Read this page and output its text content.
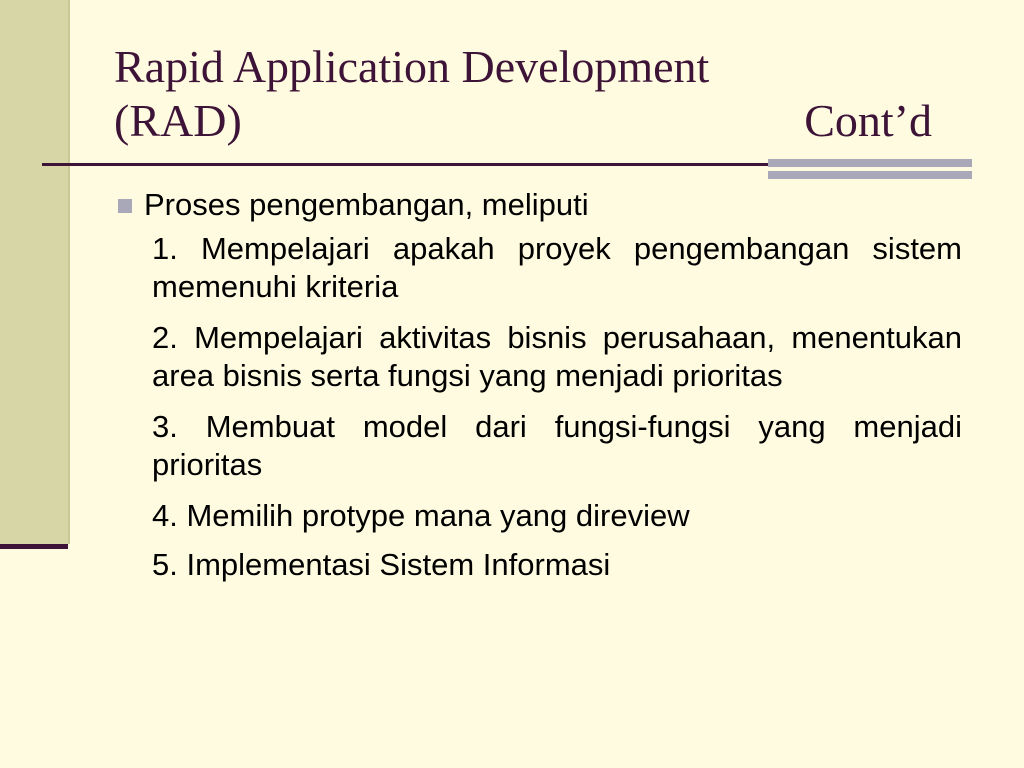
Rapid Application Development
(RAD)	Cont’d
Proses pengembangan, meliputi
1. Mempelajari apakah proyek pengembangan sistem memenuhi kriteria
2. Mempelajari aktivitas bisnis perusahaan, menentukan area bisnis serta fungsi yang menjadi prioritas
3. Membuat model dari fungsi-fungsi yang menjadi prioritas
4. Memilih protype mana yang direview
5. Implementasi Sistem Informasi
